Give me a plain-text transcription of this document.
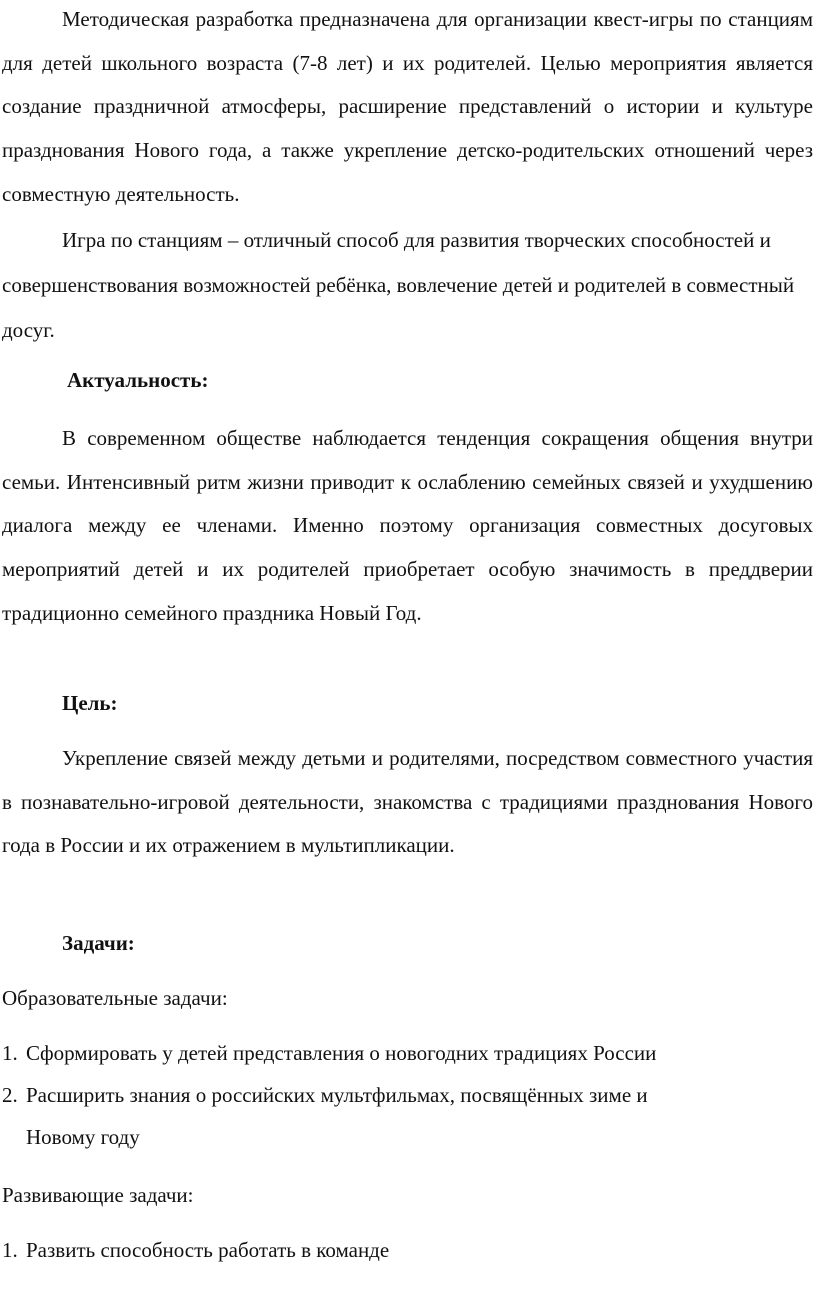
Методическая разработка предназначена для организации квест-игры по станциям для детей школьного возраста (7-8 лет) и их родителей. Целью мероприятия является создание праздничной атмосферы, расширение представлений о истории и культуре празднования Нового года, а также укрепление детско-родительских отношений через совместную деятельность.

Игра по станциям – отличный способ для развития творческих способностей и совершенствования возможностей ребёнка, вовлечение детей и родителей в совместный досуг.

Актуальность:

В современном обществе наблюдается тенденция сокращения общения внутри семьи. Интенсивный ритм жизни приводит к ослаблению семейных связей и ухудшению диалога между ее членами. Именно поэтому организация совместных досуговых мероприятий детей и их родителей приобретает особую значимость в преддверии традиционно семейного праздника Новый Год.

Цель:

Укрепление связей между детьми и родителями, посредством совместного участия в познавательно-игровой деятельности, знакомства с традициями празднования Нового года в России и их отражением в мультипликации.

Задачи:

Образовательные задачи:

1. Сформировать у детей представления о новогодних традициях России
2. Расширить знания о российских мультфильмах, посвящённых зиме и
Новому году

Развивающие задачи:

1. Развить способность работать в команде
